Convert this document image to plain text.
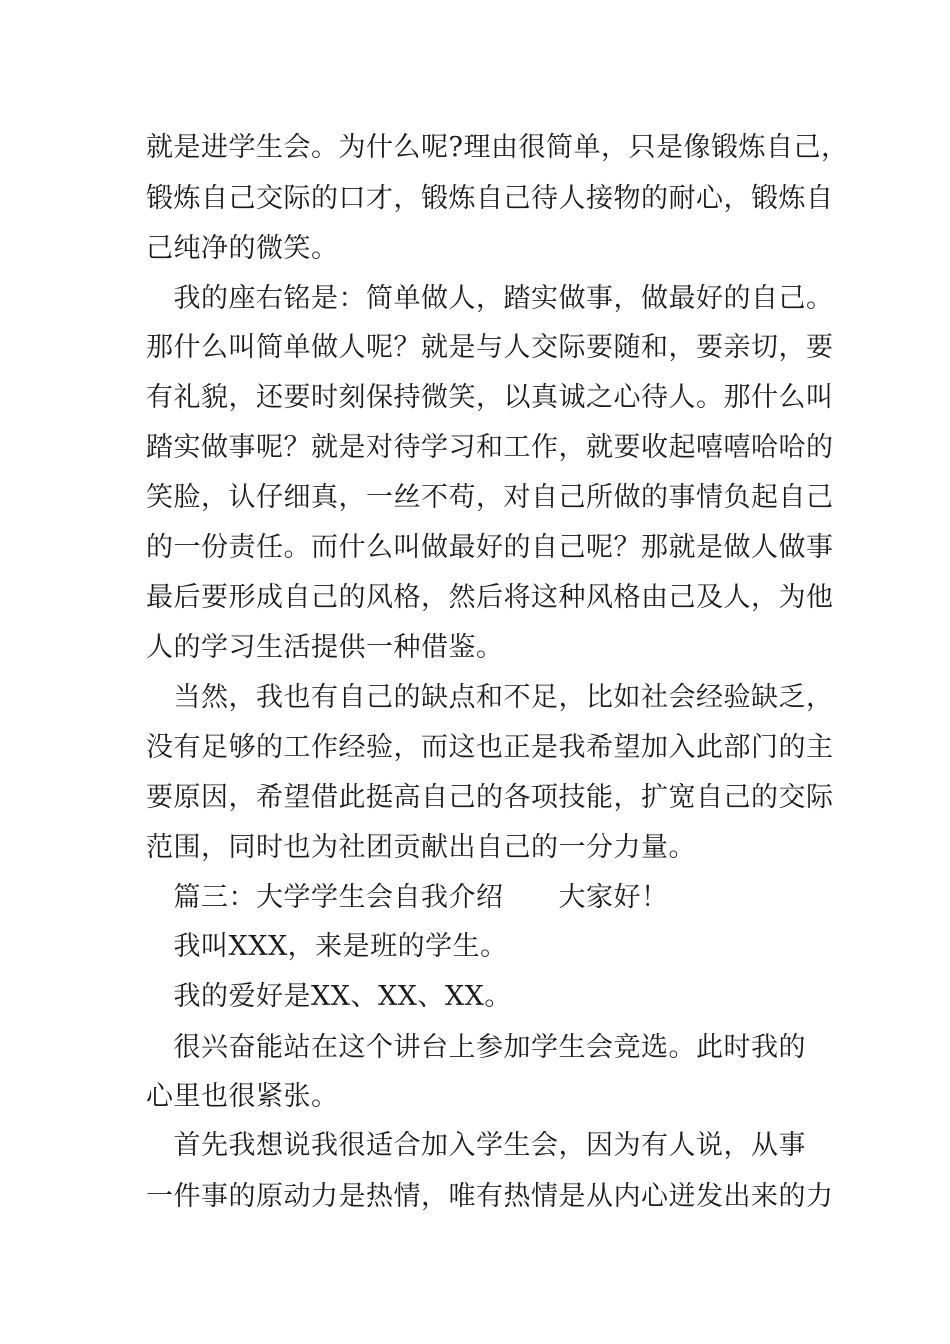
就是进学生会。为什么呢?理由很简单，只是像锻炼自己，
锻炼自己交际的口才，锻炼自己待人接物的耐心，锻炼自
己纯净的微笑。
　我的座右铭是：简单做人，踏实做事，做最好的自己。
那什么叫简单做人呢？就是与人交际要随和，要亲切，要
有礼貌，还要时刻保持微笑，以真诚之心待人。那什么叫
踏实做事呢？就是对待学习和工作，就要收起嘻嘻哈哈的
笑脸，认仔细真，一丝不苟，对自己所做的事情负起自己
的一份责任。而什么叫做最好的自己呢？那就是做人做事
最后要形成自己的风格，然后将这种风格由己及人，为他
人的学习生活提供一种借鉴。
　当然，我也有自己的缺点和不足，比如社会经验缺乏，
没有足够的工作经验，而这也正是我希望加入此部门的主
要原因，希望借此挺高自己的各项技能，扩宽自己的交际
范围，同时也为社团贡献出自己的一分力量。
　篇三：大学学生会自我介绍　　大家好！
　我叫XXX，来是班的学生。
　我的爱好是XX、XX、XX。
　很兴奋能站在这个讲台上参加学生会竞选。此时我的
心里也很紧张。
　首先我想说我很适合加入学生会，因为有人说，从事
一件事的原动力是热情，唯有热情是从内心迸发出来的力
